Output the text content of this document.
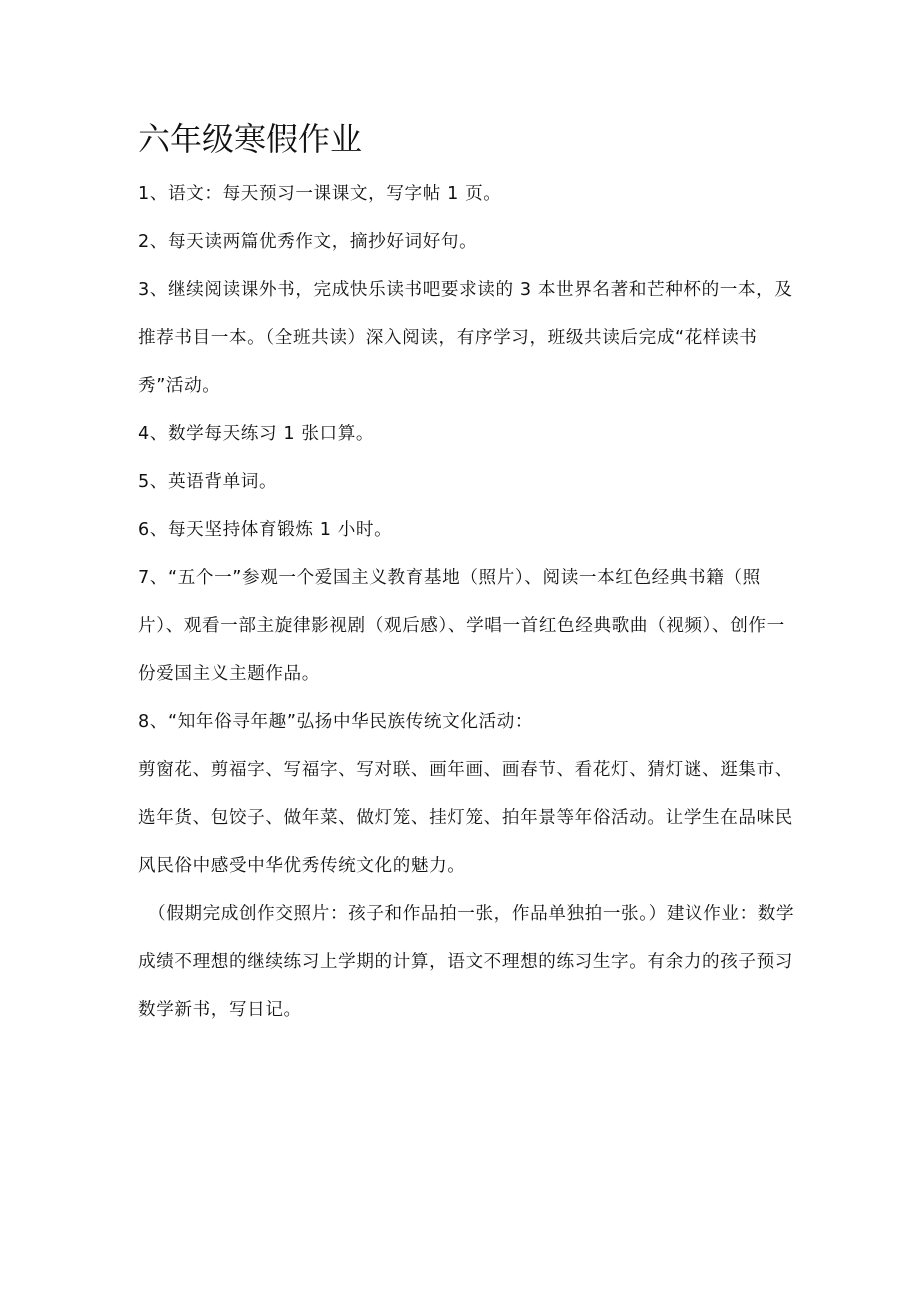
六年级寒假作业

1、语文：每天预习一课课文，写字帖 1 页。

2、每天读两篇优秀作文，摘抄好词好句。

3、继续阅读课外书，完成快乐读书吧要求读的 3 本世界名著和芒种杯的一本，及推荐书目一本。（全班共读）深入阅读，有序学习，班级共读后完成“花样读书秀”活动。

4、数学每天练习 1 张口算。

5、英语背单词。

6、每天坚持体育锻炼 1 小时。

7、“五个一”参观一个爱国主义教育基地（照片）、阅读一本红色经典书籍（照片）、观看一部主旋律影视剧（观后感）、学唱一首红色经典歌曲（视频）、创作一份爱国主义主题作品。

8、“知年俗寻年趣”弘扬中华民族传统文化活动：

剪窗花、剪福字、写福字、写对联、画年画、画春节、看花灯、猜灯谜、逛集市、选年货、包饺子、做年菜、做灯笼、挂灯笼、拍年景等年俗活动。让学生在品味民风民俗中感受中华优秀传统文化的魅力。

（假期完成创作交照片：孩子和作品拍一张，作品单独拍一张。）建议作业：数学成绩不理想的继续练习上学期的计算，语文不理想的练习生字。有余力的孩子预习数学新书，写日记。
